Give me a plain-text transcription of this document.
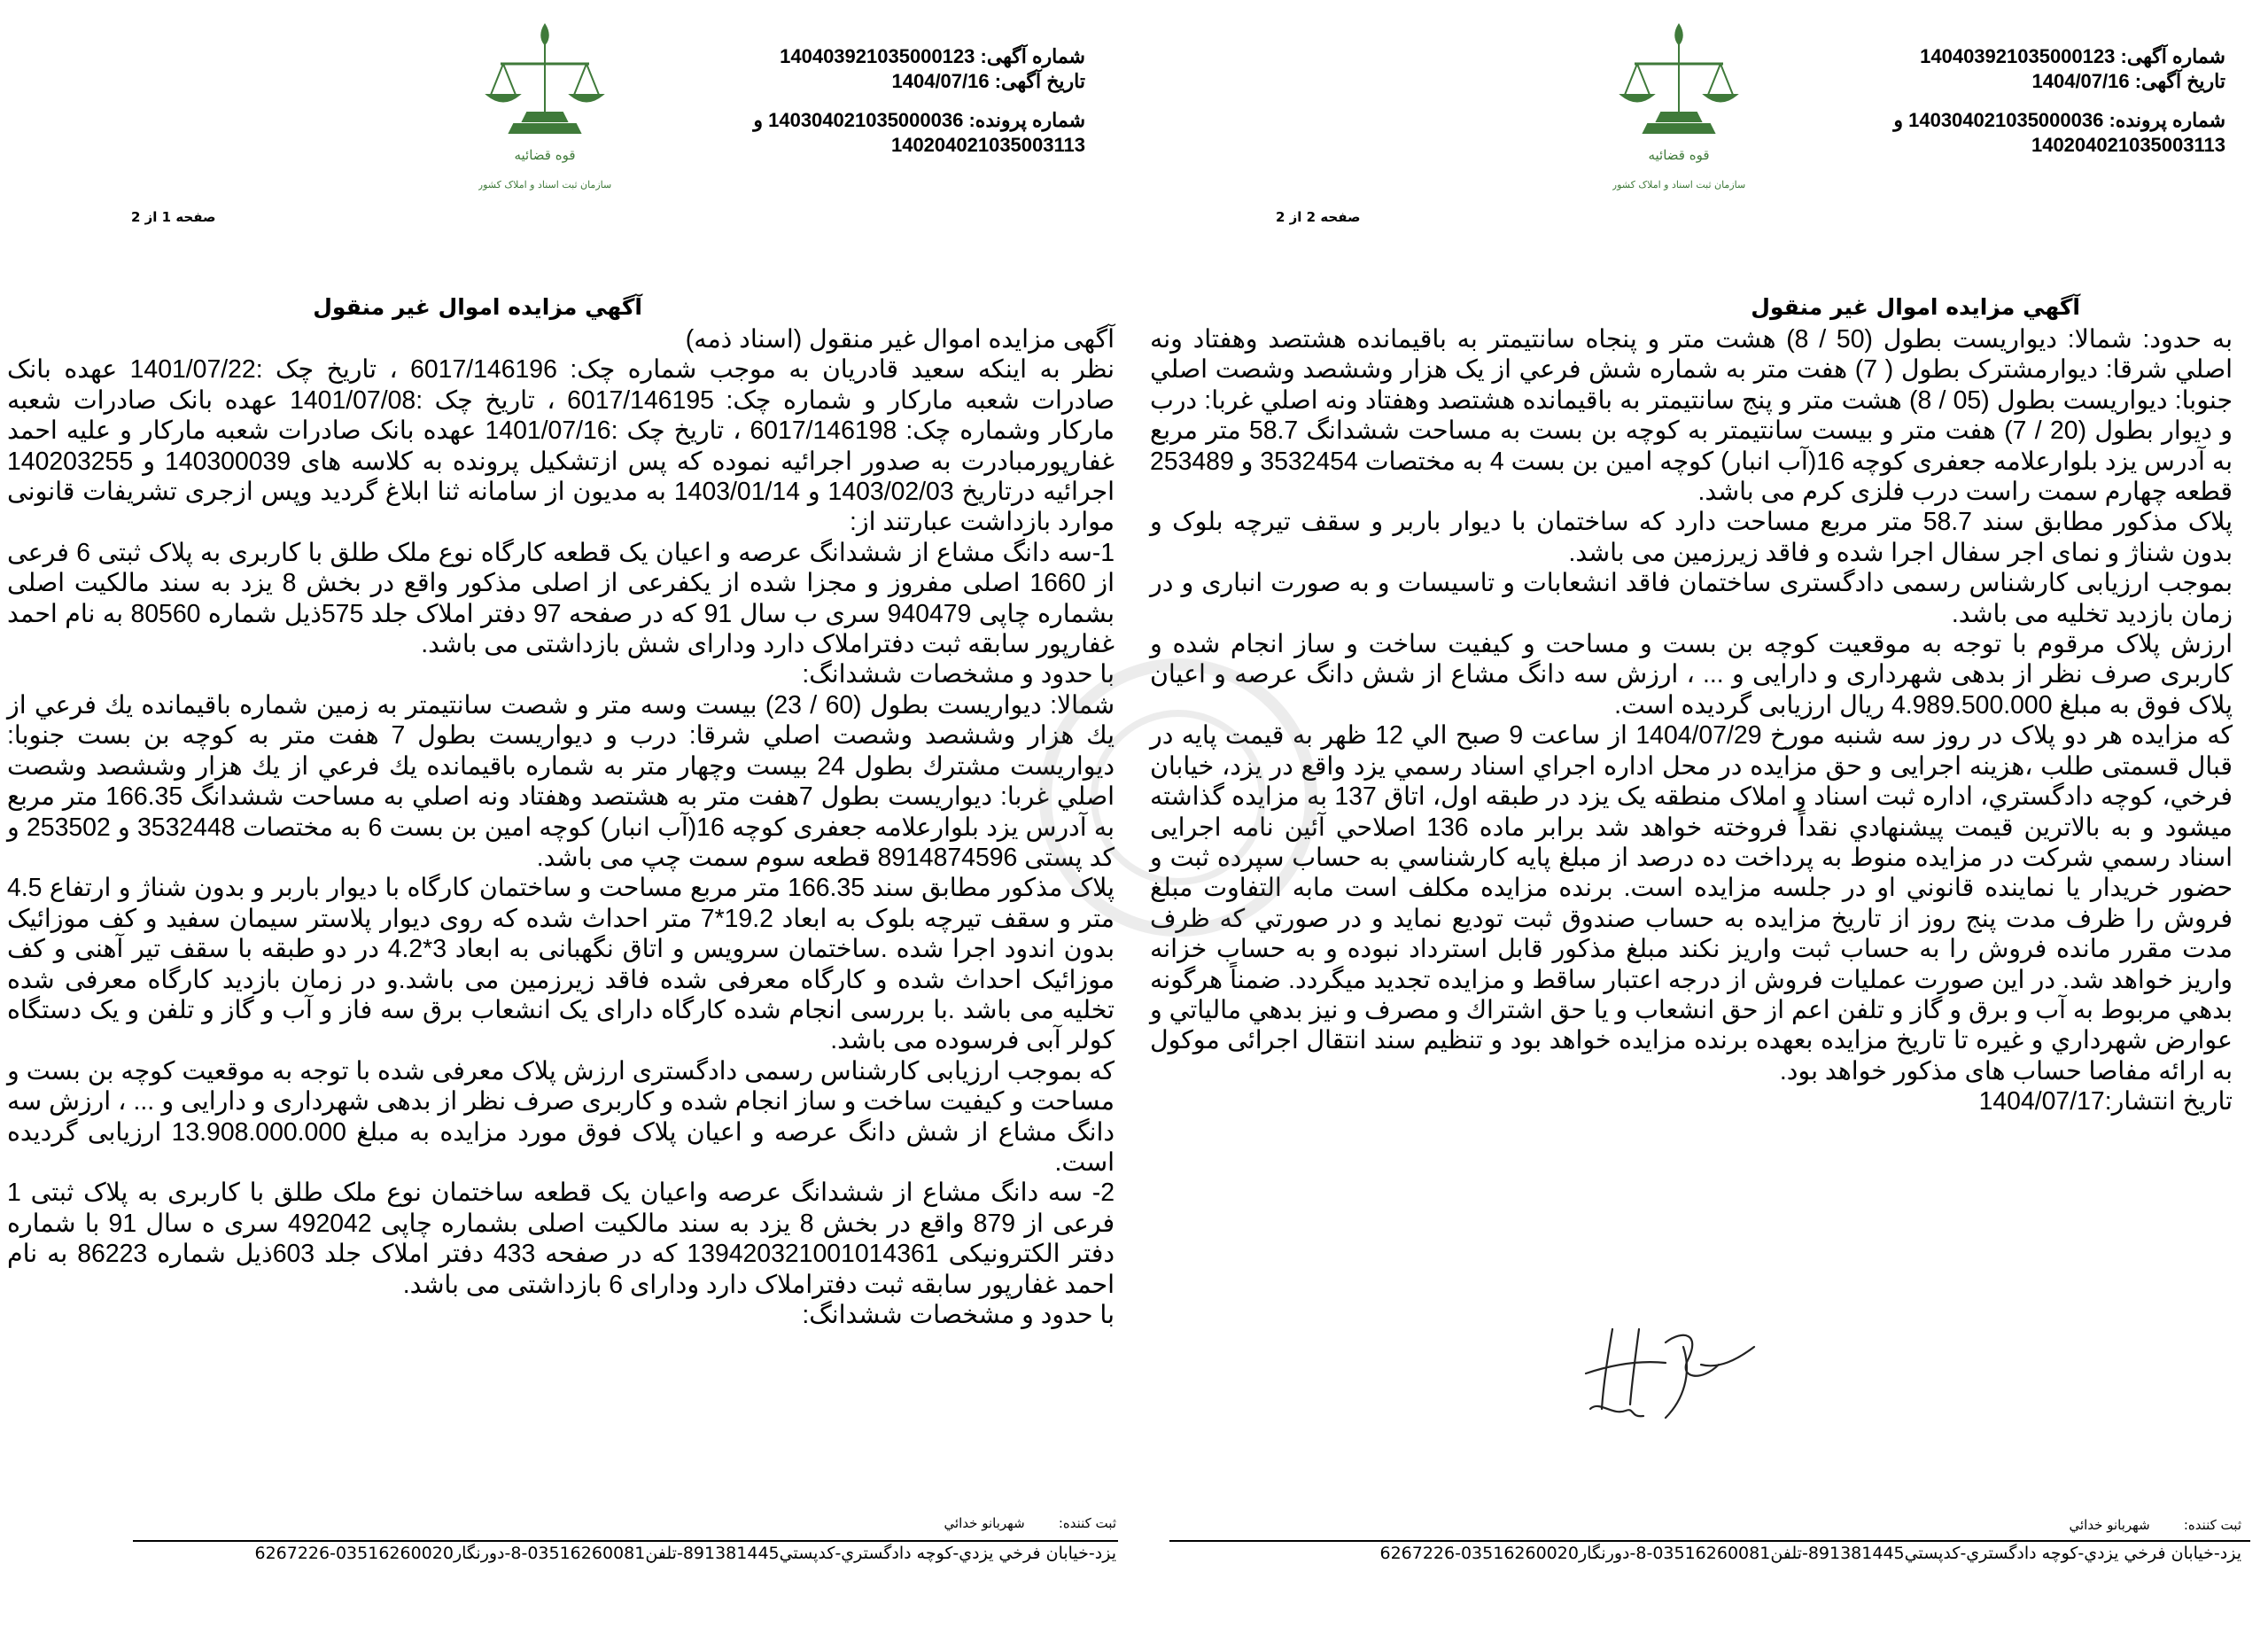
قوه قضائیه
سازمان ثبت اسناد و املاک کشور
شماره آگهی: 140403921035000123
تاریخ آگهی: 1404/07/16
شماره پرونده: 140304021035000036 و
140204021035003113
صفحه 1 از 2
آگهي مزايده اموال غير منقول

آگهی مزایده اموال غیر منقول (اسناد ذمه)

نظر به اینکه سعید قادریان به موجب شماره چک: 6017/146196 ، تاریخ چک :1401/07/22 عهده بانک صادرات شعبه مارکار و شماره چک: 6017/146195 ، تاریخ چک :1401/07/08 عهده بانک صادرات شعبه مارکار وشماره چک: 6017/146198 ، تاریخ چک :1401/07/16 عهده بانک صادرات شعبه مارکار و علیه احمد غفارپورمبادرت به صدور اجرائیه نموده که پس ازتشکیل پرونده به کلاسه های 140300039 و 140203255 اجرائیه درتاریخ 1403/02/03 و 1403/01/14 به مدیون از سامانه ثنا ابلاغ گردید وپس ازجری تشریفات قانونی موارد بازداشت عبارتند از:

1-سه دانگ مشاع از ششدانگ عرصه و اعیان یک قطعه کارگاه نوع ملک طلق با کاربری به پلاک ثبتی 6 فرعی از 1660 اصلی مفروز و مجزا شده از یکفرعی از اصلی مذکور واقع در بخش 8 یزد به سند مالکیت اصلی بشماره چاپی 940479 سری ب سال 91 که در صفحه 97 دفتر املاک جلد 575ذیل شماره 80560 به نام احمد غفارپور سابقه ثبت دفتراملاک دارد ودارای شش بازداشتی می باشد.

با حدود و مشخصات ششدانگ:

شمالا: ديواريست بطول (60 / 23) بيست وسه متر و شصت سانتيمتر به زمين شماره باقيمانده يك فرعي از يك هزار وششصد وشصت اصلي شرقا: درب و ديواريست بطول 7 هفت متر به كوچه بن بست جنوبا: ديواريست مشترك بطول 24 بيست وچهار متر به شماره باقيمانده يك فرعي از يك هزار وششصد وشصت اصلي غربا: ديواريست بطول 7هفت متر به هشتصد وهفتاد ونه اصلي به مساحت ششدانگ 166.35 متر مربع به آدرس یزد بلوارعلامه جعفری کوچه 16(آب انبار) کوچه امین بن بست 6 به مختصات 3532448 و 253502 و کد پستی 8914874596 قطعه سوم سمت چپ می باشد.

پلاک مذکور مطابق سند 166.35 متر مربع مساحت و ساختمان کارگاه با دیوار باربر و بدون شناژ و ارتفاع 4.5 متر و سقف تیرچه بلوک به ابعاد 19.2*7 متر احداث شده که روی دیوار پلاستر سیمان سفید و کف موزائیک بدون اندود اجرا شده .ساختمان سرویس و اتاق نگهبانی به ابعاد 3*4.2 در دو طبقه با سقف تیر آهنی و کف موزائیک احداث شده و کارگاه معرفی شده فاقد زیرزمین می باشد.و در زمان بازدید کارگاه معرفی شده تخلیه می باشد .با بررسی انجام شده کارگاه دارای یک انشعاب برق سه فاز و آب و گاز و تلفن و یک دستگاه کولر آبی فرسوده می باشد.

که بموجب ارزیابی کارشناس رسمی دادگستری ارزش پلاک معرفی شده با توجه به موقعیت کوچه بن بست و مساحت و کیفیت ساخت و ساز انجام شده و کاربری صرف نظر از بدهی شهرداری و دارایی و ... ، ارزش سه دانگ مشاع از شش دانگ عرصه و اعیان پلاک فوق مورد مزایده به مبلغ 13.908.000.000 ارزیابی گردیده است.

2- سه دانگ مشاع از ششدانگ عرصه واعیان یک قطعه ساختمان نوع ملک طلق با کاربری به پلاک ثبتی 1 فرعی از 879 واقع در بخش 8 یزد به سند مالکیت اصلی بشماره چاپی 492042 سری ه سال 91 با شماره دفتر الکترونیکی 139420321001014361 که در صفحه 433 دفتر املاک جلد 603ذیل شماره 86223 به نام احمد غفارپور سابقه ثبت دفتراملاک دارد ودارای 6 بازداشتی می باشد.

با حدود و مشخصات ششدانگ:

ثبت کننده:        شهربانو خدائي
يزد-خيابان فرخي يزدي-کوچه دادگستري-کدپستي891381445-تلفن03516260081-8-دورنگار03516260020-6267226
قوه قضائیه
سازمان ثبت اسناد و املاک کشور
شماره آگهی: 140403921035000123
تاریخ آگهی: 1404/07/16
شماره پرونده: 140304021035000036 و
140204021035003113
صفحه 2 از 2
آگهي مزايده اموال غير منقول

به حدود: شمالا: ديواريست بطول (50 / 8) هشت متر و پنجاه سانتيمتر به باقيمانده هشتصد وهفتاد ونه اصلي شرقا: ديوارمشترک بطول ( 7) هفت متر به شماره شش فرعي از يک هزار وششصد وشصت اصلي جنوبا: ديواريست بطول (05 / 8) هشت متر و پنج سانتيمتر به باقيمانده هشتصد وهفتاد ونه اصلي غربا: درب و ديوار بطول (20 / 7) هفت متر و بيست سانتيمتر به کوچه بن بست به مساحت ششدانگ 58.7 متر مربع به آدرس یزد بلوارعلامه جعفری کوچه 16(آب انبار) کوچه امین بن بست 4 به مختصات 3532454 و 253489 قطعه چهارم سمت راست درب فلزی کرم می باشد.

پلاک مذکور مطابق سند 58.7 متر مربع مساحت دارد که ساختمان با دیوار باربر و سقف تیرچه بلوک و بدون شناژ و نمای اجر سفال اجرا شده و فاقد زیرزمین می باشد.

بموجب ارزیابی کارشناس رسمی دادگستری ساختمان فاقد انشعابات و تاسیسات و به صورت انباری و در زمان بازدید تخلیه می باشد.

ارزش پلاک مرقوم با توجه به موقعیت کوچه بن بست و مساحت و کیفیت ساخت و ساز انجام شده و کاربری صرف نظر از بدهی شهرداری و دارایی و ... ، ارزش سه دانگ مشاع از شش دانگ عرصه و اعیان پلاک فوق به مبلغ 4.989.500.000 ریال ارزیابی گردیده است.

که مزایده هر دو پلاک در روز سه شنبه مورخ 1404/07/29 از ساعت 9 صبح الي 12 ظهر به قیمت پایه در قبال قسمتی طلب ،هزینه اجرایی و حق مزایده در محل اداره اجراي اسناد رسمي یزد واقع در یزد، خیابان فرخي، کوچه دادگستري، اداره ثبت اسناد و املاک منطقه یک یزد در طبقه اول، اتاق 137 به مزایده گذاشته میشود و به بالاترین قیمت پیشنهادي نقداً فروخته خواهد شد برابر ماده 136 اصلاحي آئین نامه اجرایی اسناد رسمي شرکت در مزایده منوط به پرداخت ده درصد از مبلغ پایه کارشناسي به حساب سپرده ثبت و حضور خریدار یا نماینده قانوني او در جلسه مزایده است. برنده مزایده مکلف است مابه التفاوت مبلغ فروش را ظرف مدت پنج روز از تاریخ مزایده به حساب صندوق ثبت تودیع نماید و در صورتي که ظرف مدت مقرر مانده فروش را به حساب ثبت واریز نکند مبلغ مذکور قابل استرداد نبوده و به حساب خزانه واریز خواهد شد. در این صورت عملیات فروش از درجه اعتبار ساقط و مزایده تجدید میگردد. ضمناً هرگونه بدهي مربوط به آب و برق و گاز و تلفن اعم از حق انشعاب و یا حق اشتراك و مصرف و نیز بدهي مالیاتي و عوارض شهرداري و غیره تا تاریخ مزایده بعهده برنده مزایده خواهد بود و تنظیم سند انتقال اجرائی موکول به ارائه مفاصا حساب های مذکور خواهد بود.

تاریخ انتشار:1404/07/17

ثبت کننده:        شهربانو خدائي
يزد-خيابان فرخي يزدي-کوچه دادگستري-کدپستي891381445-تلفن03516260081-8-دورنگار03516260020-6267226
